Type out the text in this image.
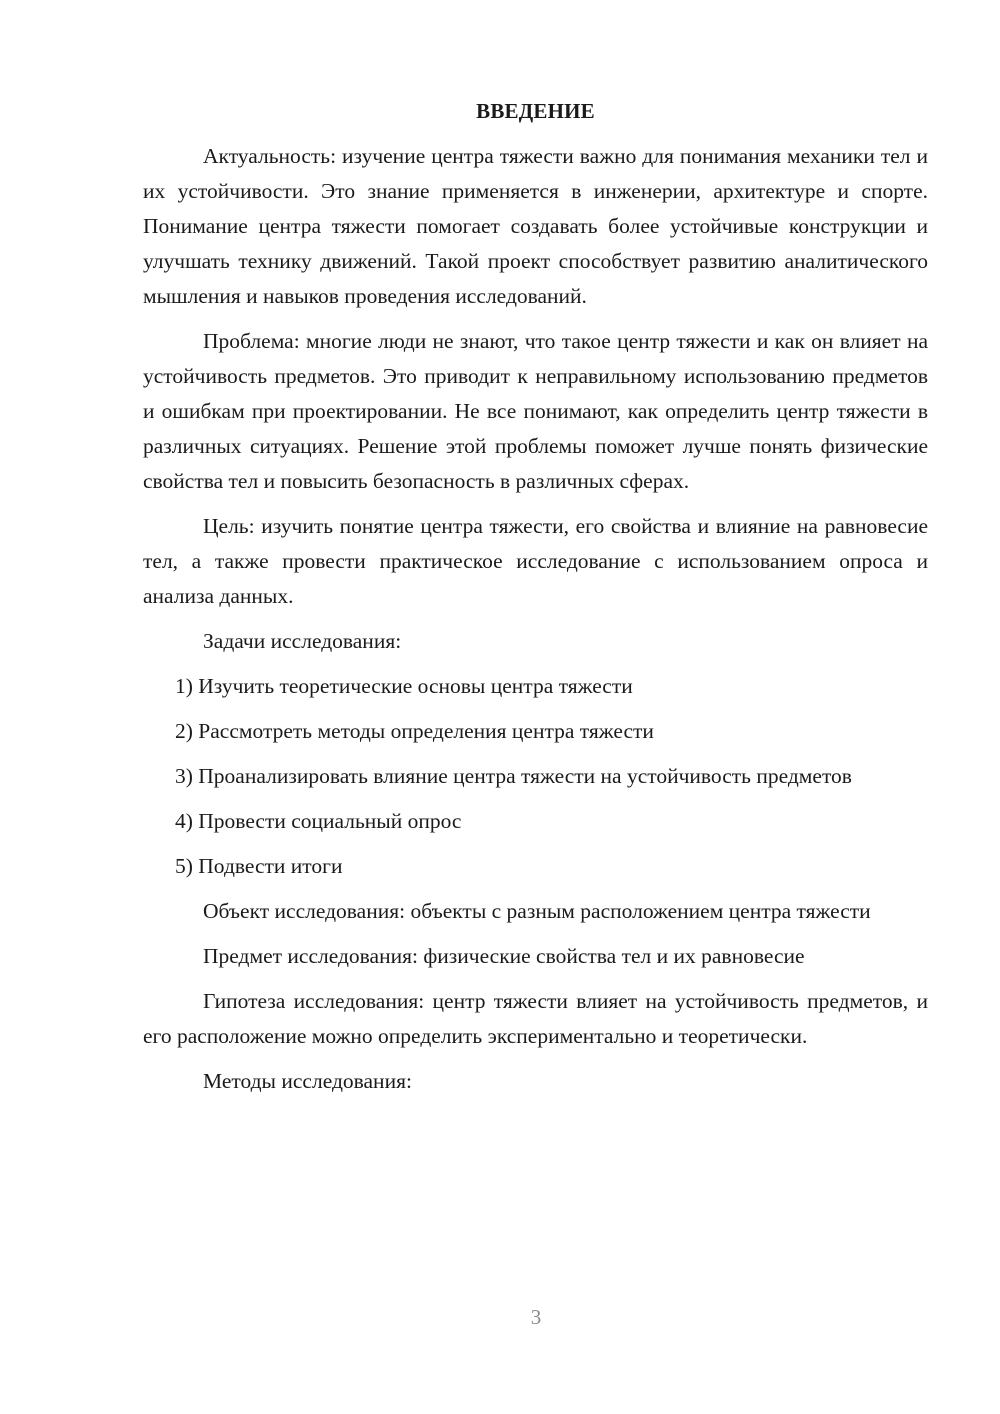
ВВЕДЕНИЕ

Актуальность: изучение центра тяжести важно для понимания механики тел и их устойчивости. Это знание применяется в инженерии, архитектуре и спорте. Понимание центра тяжести помогает создавать более устойчивые конструкции и улучшать технику движений. Такой проект способствует развитию аналитического мышления и навыков проведения исследований.

Проблема: многие люди не знают, что такое центр тяжести и как он влияет на устойчивость предметов. Это приводит к неправильному использованию предметов и ошибкам при проектировании. Не все понимают, как определить центр тяжести в различных ситуациях. Решение этой проблемы поможет лучше понять физические свойства тел и повысить безопасность в различных сферах.

Цель: изучить понятие центра тяжести, его свойства и влияние на равновесие тел, а также провести практическое исследование с использованием опроса и анализа данных.

Задачи исследования:

1) Изучить теоретические основы центра тяжести

2) Рассмотреть методы определения центра тяжести

3) Проанализировать влияние центра тяжести на устойчивость предметов

4) Провести социальный опрос

5) Подвести итоги

Объект исследования: объекты с разным расположением центра тяжести

Предмет исследования: физические свойства тел и их равновесие

Гипотеза исследования: центр тяжести влияет на устойчивость предметов, и его расположение можно определить экспериментально и теоретически.

Методы исследования:

3
